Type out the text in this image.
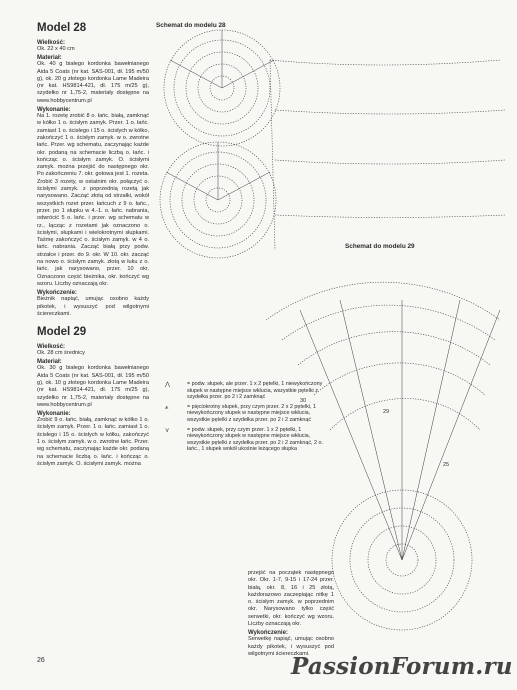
Model 28
Wielkość:

Ok. 22 x 40 cm

Materiał:

Ok. 40 g białego kordonka bawełnianego Aida 5 Coats (nr kat. SAS-001, dł. 195 m/50 g), ok. 20 g złotego kordonka Lame Madeira (nr kat. HS9814-421, dł. 175 m/25 g), szydełko nr 1,75-2, materiały dostępne na www.hobbycentrum.pl

Wykonanie:

Na 1. rozetę zrobić 8 o. łańc. białą, zamknąć w kółko 1 o. ścisłym zamyk. Przer. 1 o. łańc. zamiast 1 o. ścisłego i 15 o. ścisłych w kółko, zakończyć 1 o. ścisłym zamyk. w o. zwrotne łańc. Przer. wg schematu, zaczynając każde okr. podaną na schemacie liczbą o. łańc. i kończąc o. ścisłym zamyk. O. ścisłymi zamyk. można przejść do następnego okr. Po zakończeniu 7. okr. gotowa jest 1. rozeta. Zrobić 3 rozety, w ostatnim okr. połączyć o. ścisłymi zamyk. z poprzednią rozetą jak narysowano. Zacząć złotą od strzałki, wokół wszystkich rozet przer. łańcuch z 9 o. łańc., przer. po 1 słupku w 4.-1. o. łańc. nabrania, odwrócić 5 o. łańc. i przer. wg schematu w rz., łącząc z rozetami jak oznaczono o. ścisłymi, słupkami i wielokrotnymi słupkami. Taśmę zakończyć o. ścisłym zamyk. w 4 o. łańc. nabrania. Zacząć białą przy podw. strzałce i przer. do 9. okr. W 10. okr. zacząć na nowo o. ścisłym zamyk. złotą w łuku z o. łańc. jak narysowano, przer. 10 okr. Oznaczono część bieżnika, okr. kończyć wg wzoru. Liczby oznaczają okr.

Wykończenie:

Bieżnik napiąć, umując osobno każdy pikotek, i wysuszyć pod wilgotnymi ściereczkami.

Model 29
Wielkość:

Ok. 28 cm średnicy

Materiał:

Ok. 30 g białego kordonka bawełnianego Aida 5 Coats (nr kat. SAS-001, dł. 195 m/50 g), ok. 10 g złotego kordonka Lame Madeira (nr kat. HS9814-421, dł. 175 m/25 g), szydełko nr 1,75-2, materiały dostępne na www.hobbycentrum.pl

Wykonanie:

Zrobić 9 o. łańc. białą, zamknąć w kółko 1 o. ścisłym zamyk. Przer. 1 o. łańc. zamiast 1 o. ścisłego i 15 o. ścisłych w kółku, zakończyć 1 o. ścisłym zamyk. w o. zwrotne łańc. Przer. wg schematu, zaczynając każde okr. podaną na schemacie liczbą o. łańc. i kończąc o. ścisłym zamyk. O. ścisłymi zamyk. można

26
30
29
25
Schemat do modelu 28
Schemat do modelu 29
⋀	= podw. słupek, ale przer. 1 x 2 pętelki, 1 niewykończony słupek w następne miejsce wkłucia, wszystkie pętelki z szydełka przer. po 2 i 2 zamknąć
⩚	= pięciokrotny słupek, przy czym przer. 2 x 2 pętelki, 1 niewykończony słupek w następne miejsce wkłucia, wszystkie pętelki z szydełka przer. po 2 i 2 zamknąć
⋎	= podw. słupek, przy czym przer. 1 x 2 pętelki, 1 niewykończony słupek w następne miejsce wkłucia, wszystkie pętelki z szydełka przer. po 2 i 2 zamknąć, 2 o. łańc., 1 słupek wokół ukośnie leżącego słupka

przejść na początek następnego okr. Okr. 1-7, 9-15 i 17-24 przer. białą, okr. 8, 16 i 25 złotą, każdorazowo zaczepiając nitkę 1 o. ścisłym zamyk. w poprzednim okr. Narysowano tylko część serwetki, okr. kończyć wg wzoru. Liczby oznaczają okr.

Wykończenie:

Serwetkę napiąć, umując osobno każdy pikotek, i wysuszyć pod wilgotnymi ściereczkami.

PassionForum.ru
